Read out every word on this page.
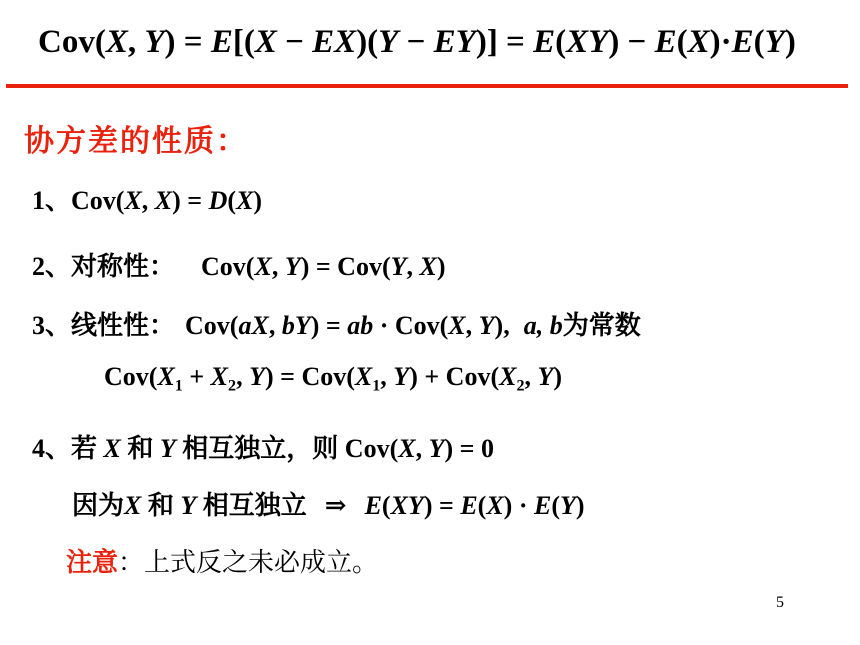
Cov(X, Y) = E[(X − EX)(Y − EY)] = E(XY) − E(X)·E(Y)
协方差的性质：
1、Cov(X, X) = D(X)
2、对称性： Cov(X, Y) = Cov(Y, X)
3、线性性： Cov(aX, bY) = ab · Cov(X, Y), a, b为常数
$Cov(X_1 + X_2$, $Y) = Cov(X_1$, $Y) + Cov(X_2$, Y)
4、若 X 和 Y 相互独立，则 Cov(X, Y) = 0
因为X 和 Y 相互独立 ⇒ E(XY) = E(X) · E(Y)
注意：上式反之未必成立。
5
